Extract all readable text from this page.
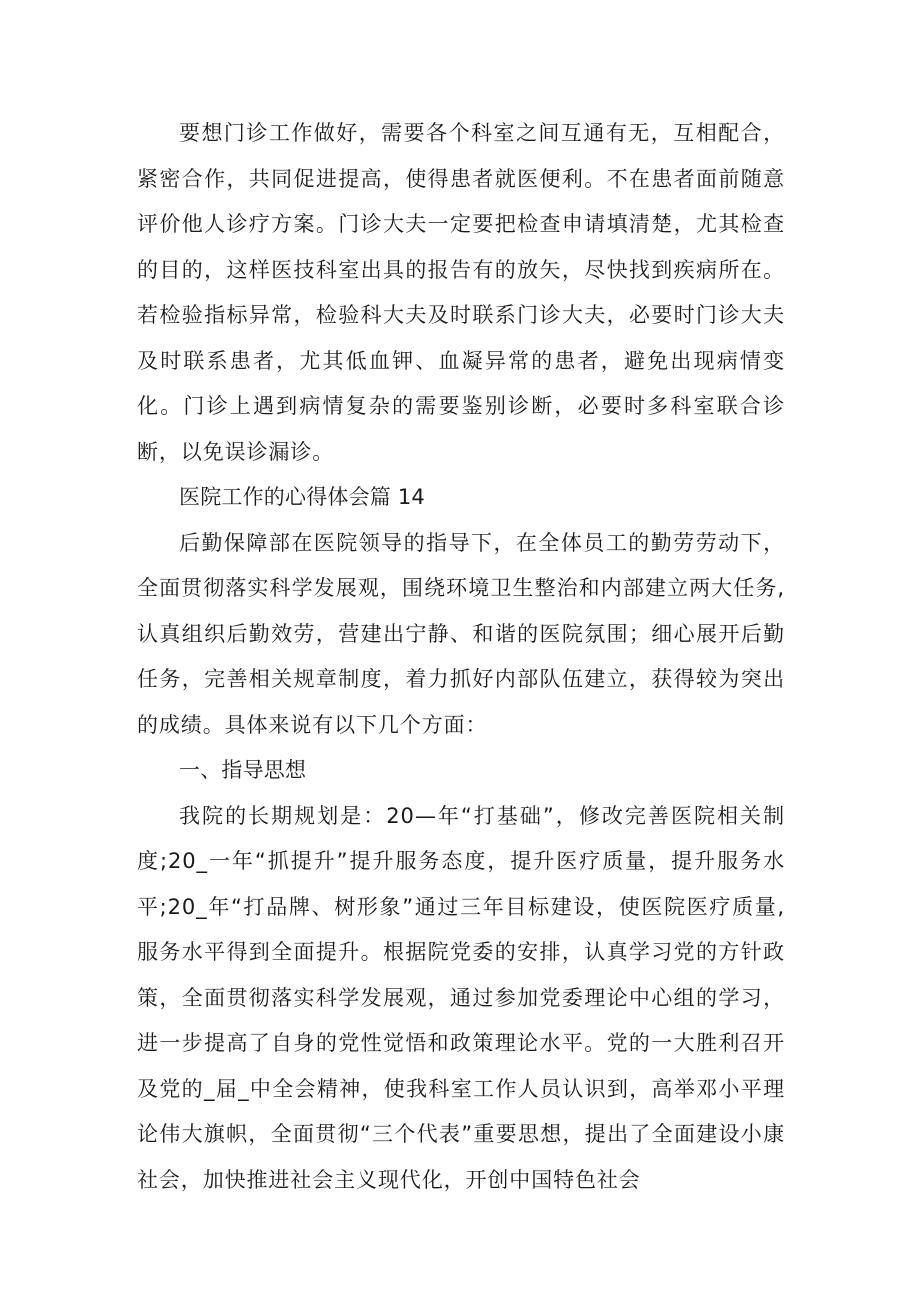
要想门诊工作做好，需要各个科室之间互通有无，互相配合，紧密合作，共同促进提高，使得患者就医便利。不在患者面前随意评价他人诊疗方案。门诊大夫一定要把检查申请填清楚，尤其检查的目的，这样医技科室出具的报告有的放矢，尽快找到疾病所在。若检验指标异常，检验科大夫及时联系门诊大夫，必要时门诊大夫及时联系患者，尤其低血钾、血凝异常的患者，避免出现病情变化。门诊上遇到病情复杂的需要鉴别诊断，必要时多科室联合诊断，以免误诊漏诊。

医院工作的心得体会篇 14

后勤保障部在医院领导的指导下，在全体员工的勤劳劳动下，全面贯彻落实科学发展观，围绕环境卫生整治和内部建立两大任务,认真组织后勤效劳，营建出宁静、和谐的医院氛围；细心展开后勤任务，完善相关规章制度，着力抓好内部队伍建立，获得较为突出的成绩。具体来说有以下几个方面：

一、指导思想

我院的长期规划是：20—年“打基础”，修改完善医院相关制度;20_一年“抓提升”提升服务态度，提升医疗质量，提升服务水平;20_年“打品牌、树形象”通过三年目标建设，使医院医疗质量,服务水平得到全面提升。根据院党委的安排，认真学习党的方针政策，全面贯彻落实科学发展观，通过参加党委理论中心组的学习，进一步提高了自身的党性觉悟和政策理论水平。党的一大胜利召开及党的_届_中全会精神，使我科室工作人员认识到，高举邓小平理论伟大旗帜，全面贯彻“三个代表”重要思想，提出了全面建设小康社会，加快推进社会主义现代化，开创中国特色社会
